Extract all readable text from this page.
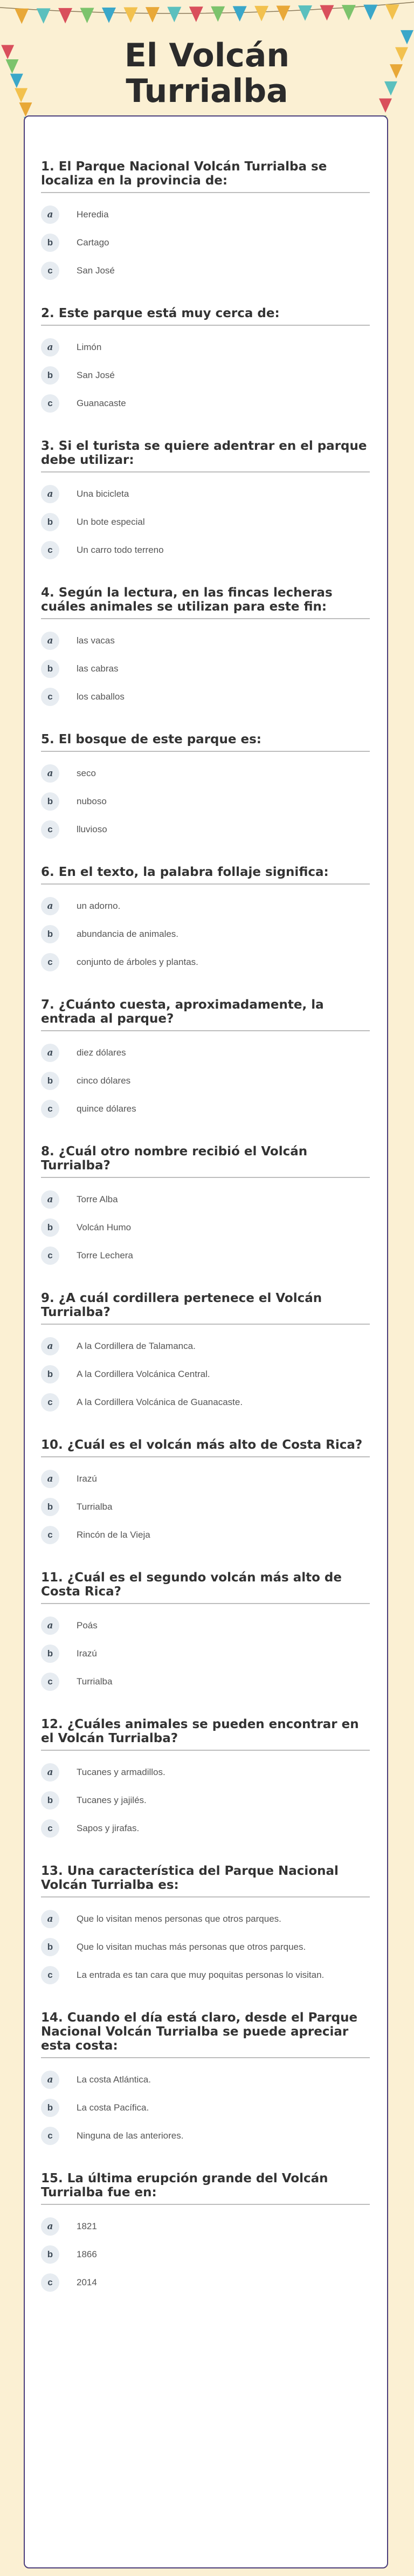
El Volcán
Turrialba
1. El Parque Nacional Volcán Turrialba se localiza en la provincia de:
a	Heredia
b	Cartago
c	San José
2. Este parque está muy cerca de:
a	Limón
b	San José
c	Guanacaste
3. Si el turista se quiere adentrar en el parque debe utilizar:
a	Una bicicleta
b	Un bote especial
c	Un carro todo terreno
4. Según la lectura, en las fincas lecheras cuáles animales se utilizan para este fin:
a	las vacas
b	las cabras
c	los caballos
5. El bosque de este parque es:
a	seco
b	nuboso
c	lluvioso
6. En el texto, la palabra follaje significa:
a	un adorno.
b	abundancia de animales.
c	conjunto de árboles y plantas.
7. ¿Cuánto cuesta, aproximadamente, la entrada al parque?
a	diez dólares
b	cinco dólares
c	quince dólares
8. ¿Cuál otro nombre recibió el Volcán Turrialba?
a	Torre Alba
b	Volcán Humo
c	Torre Lechera
9. ¿A cuál cordillera pertenece el Volcán Turrialba?
a	A la Cordillera de Talamanca.
b	A la Cordillera Volcánica Central.
c	A la Cordillera Volcánica de Guanacaste.
10. ¿Cuál es el volcán más alto de Costa Rica?
a	Irazú
b	Turrialba
c	Rincón de la Vieja
11. ¿Cuál es el segundo volcán más alto de Costa Rica?
a	Poás
b	Irazú
c	Turrialba
12. ¿Cuáles animales se pueden encontrar en el Volcán Turrialba?
a	Tucanes y armadillos.
b	Tucanes y jajilés.
c	Sapos y jirafas.
13. Una característica del Parque Nacional Volcán Turrialba es:
a	Que lo visitan menos personas que otros parques.
b	Que lo visitan muchas más personas que otros parques.
c	La entrada es tan cara que muy poquitas personas lo visitan.
14. Cuando el día está claro, desde el Parque Nacional Volcán Turrialba se puede apreciar esta costa:
a	La costa Atlántica.
b	La costa Pacífica.
c	Ninguna de las anteriores.
15. La última erupción grande del Volcán Turrialba fue en:
a	1821
b	1866
c	2014
